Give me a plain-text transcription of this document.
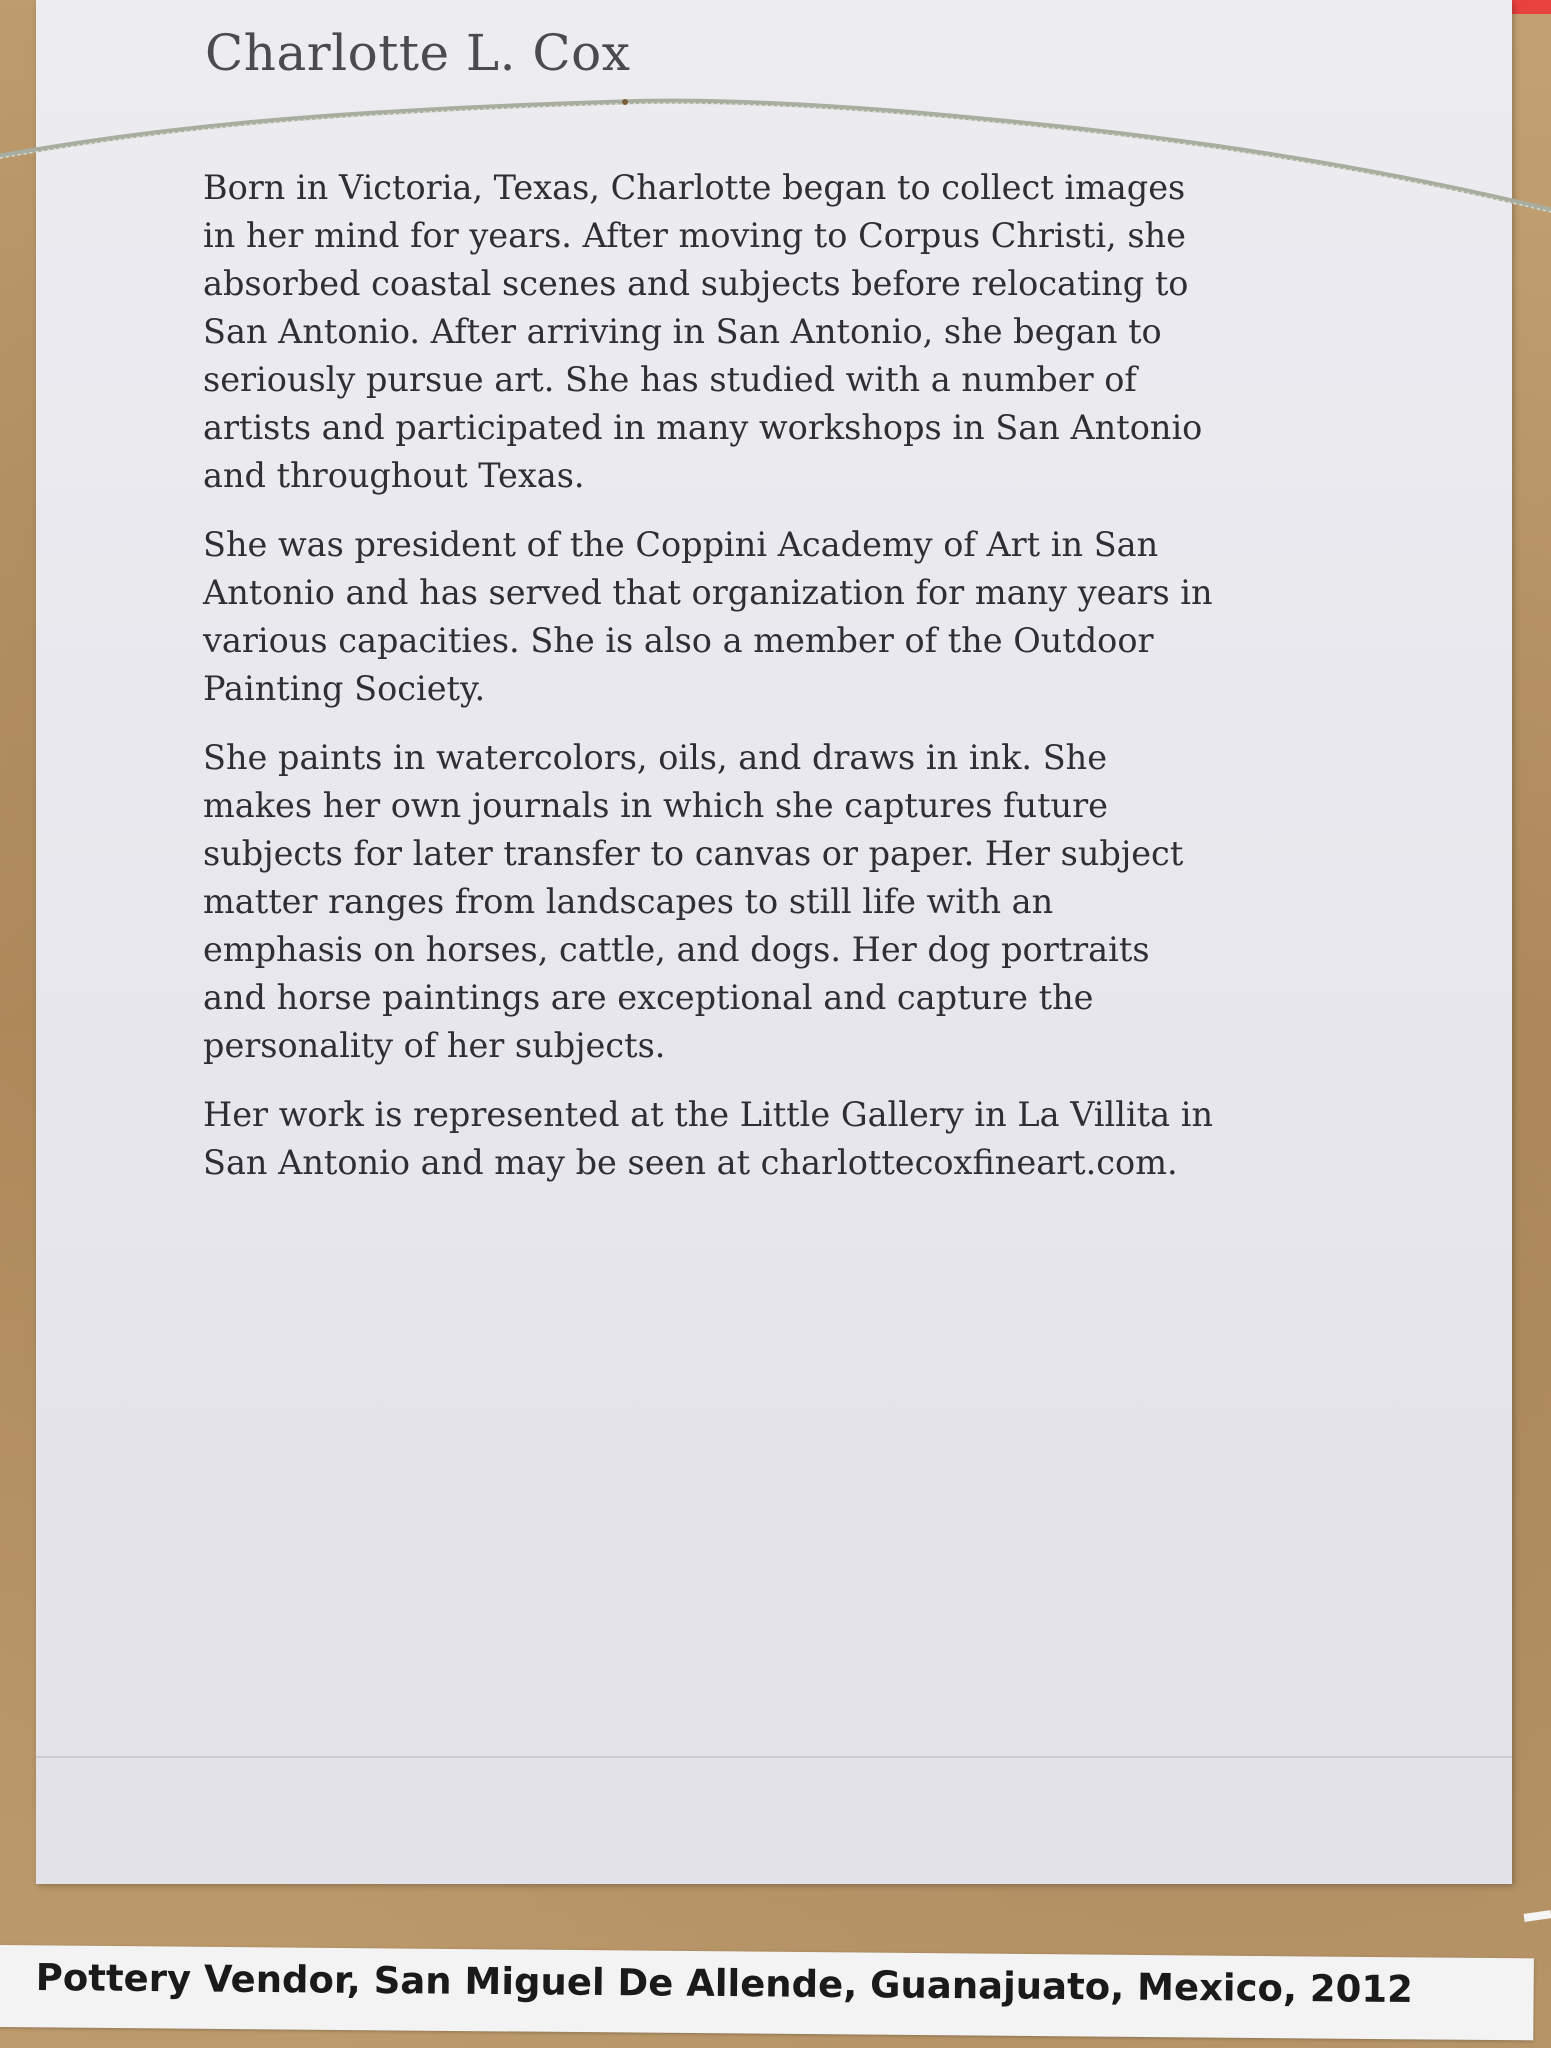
Charlotte L. Cox

Born in Victoria, Texas, Charlotte began to collect images
in her mind for years. After moving to Corpus Christi, she
absorbed coastal scenes and subjects before relocating to
San Antonio. After arriving in San Antonio, she began to
seriously pursue art. She has studied with a number of
artists and participated in many workshops in San Antonio
and throughout Texas.

She was president of the Coppini Academy of Art in San
Antonio and has served that organization for many years in
various capacities. She is also a member of the Outdoor
Painting Society.

She paints in watercolors, oils, and draws in ink. She
makes her own journals in which she captures future
subjects for later transfer to canvas or paper. Her subject
matter ranges from landscapes to still life with an
emphasis on horses, cattle, and dogs. Her dog portraits
and horse paintings are exceptional and capture the
personality of her subjects.

Her work is represented at the Little Gallery in La Villita in
San Antonio and may be seen at charlottecoxfineart.com.

Pottery Vendor, San Miguel De Allende, Guanajuato, Mexico, 2012
